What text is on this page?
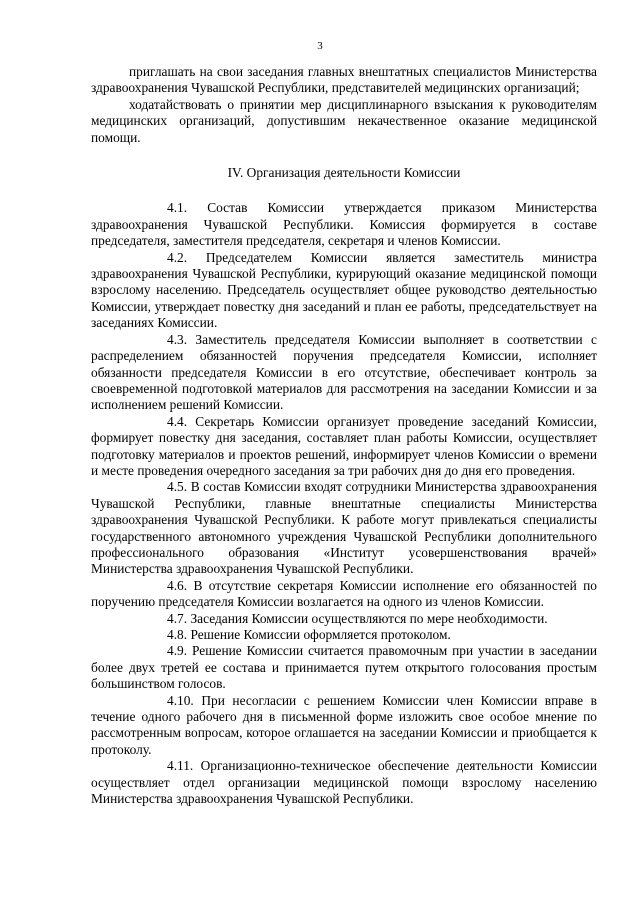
3

приглашать на свои заседания главных внештатных специалистов Министерства здравоохранения Чувашской Республики, представителей медицинских организаций;

ходатайствовать о принятии мер дисциплинарного взыскания к руководителям медицинских организаций, допустившим некачественное оказание медицинской помощи.

IV. Организация деятельности Комиссии

4.1. Состав Комиссии утверждается приказом Министерства здравоохранения Чувашской Республики. Комиссия формируется в составе председателя, заместителя председателя, секретаря и членов Комиссии.

4.2. Председателем Комиссии является заместитель министра здравоохранения Чувашской Республики, курирующий оказание медицинской помощи взрослому населению. Председатель осуществляет общее руководство деятельностью Комиссии, утверждает повестку дня заседаний и план ее работы, председательствует на заседаниях Комиссии.

4.3. Заместитель председателя Комиссии выполняет в соответствии с распределением обязанностей поручения председателя Комиссии, исполняет обязанности председателя Комиссии в его отсутствие, обеспечивает контроль за своевременной подготовкой материалов для рассмотрения на заседании Комиссии и за исполнением решений Комиссии.

4.4. Секретарь Комиссии организует проведение заседаний Комиссии, формирует повестку дня заседания, составляет план работы Комиссии, осуществляет подготовку материалов и проектов решений, информирует членов Комиссии о времени и месте проведения очередного заседания за три рабочих дня до дня его проведения.

4.5. В состав Комиссии входят сотрудники Министерства здравоохранения Чувашской Республики, главные внештатные специалисты Министерства здравоохранения Чувашской Республики. К работе могут привлекаться специалисты государственного автономного учреждения Чувашской Республики дополнительного профессионального образования «Институт усовершенствования врачей» Министерства здравоохранения Чувашской Республики.

4.6. В отсутствие секретаря Комиссии исполнение его обязанностей по поручению председателя Комиссии возлагается на одного из членов Комиссии.

4.7. Заседания Комиссии осуществляются по мере необходимости.

4.8. Решение Комиссии оформляется протоколом.

4.9. Решение Комиссии считается правомочным при участии в заседании более двух третей ее состава и принимается путем открытого голосования простым большинством голосов.

4.10. При несогласии с решением Комиссии член Комиссии вправе в течение одного рабочего дня в письменной форме изложить свое особое мнение по рассмотренным вопросам, которое оглашается на заседании Комиссии и приобщается к протоколу.

4.11. Организационно-техническое обеспечение деятельности Комиссии осуществляет отдел организации медицинской помощи взрослому населению Министерства здравоохранения Чувашской Республики.
